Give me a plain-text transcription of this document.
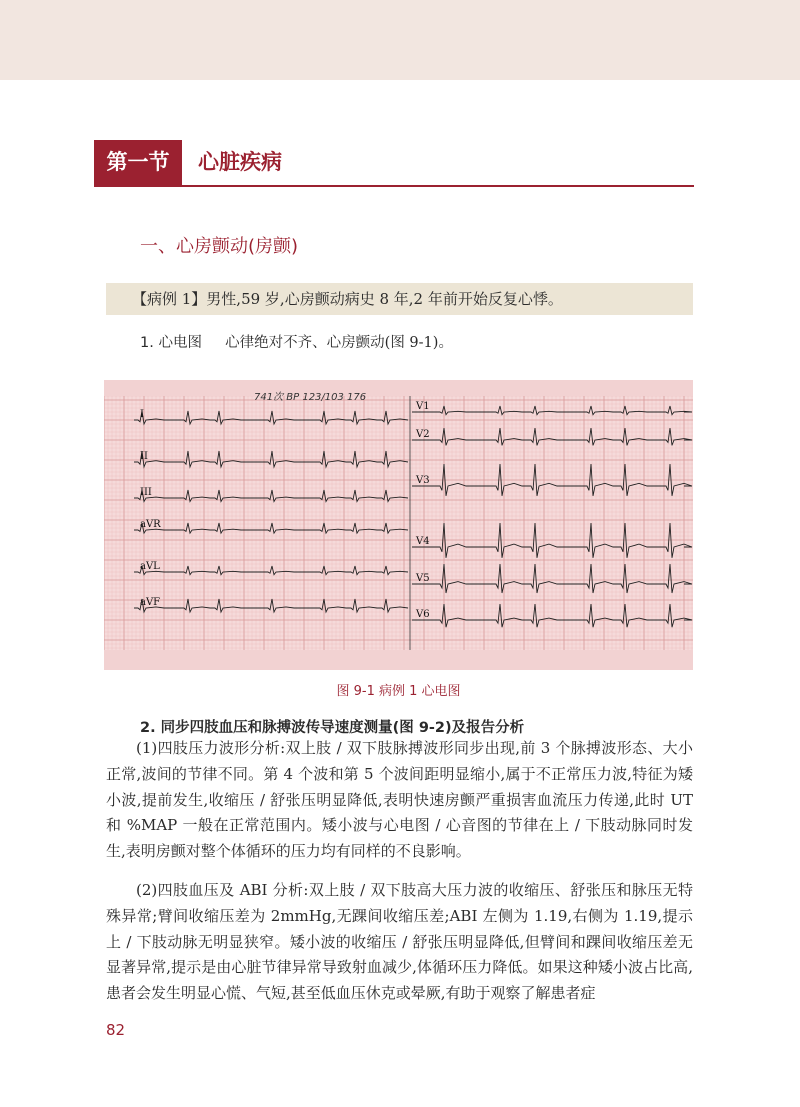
第一节	心脏疾病
一、心房颤动(房颤)
【病例 1】男性,59 岁,心房颤动病史 8 年,2 年前开始反复心悸。
1. 心电图 心律绝对不齐、心房颤动(图 9-1)。
741次 BP 123/103 176
I
II
III
aVR
aVL
aVF
V1
V2
V3
V4
V5
V6
图 9-1 病例 1 心电图
2. 同步四肢血压和脉搏波传导速度测量(图 9-2)及报告分析

(1)四肢压力波形分析:双上肢 / 双下肢脉搏波形同步出现,前 3 个脉搏波形态、大小正常,波间的节律不同。第 4 个波和第 5 个波间距明显缩小,属于不正常压力波,特征为矮小波,提前发生,收缩压 / 舒张压明显降低,表明快速房颤严重损害血流压力传递,此时 UT 和 %MAP 一般在正常范围内。矮小波与心电图 / 心音图的节律在上 / 下肢动脉同时发生,表明房颤对整个体循环的压力均有同样的不良影响。

(2)四肢血压及 ABI 分析:双上肢 / 双下肢高大压力波的收缩压、舒张压和脉压无特殊异常;臂间收缩压差为 2mmHg,无踝间收缩压差;ABI 左侧为 1.19,右侧为 1.19,提示上 / 下肢动脉无明显狭窄。矮小波的收缩压 / 舒张压明显降低,但臂间和踝间收缩压差无显著异常,提示是由心脏节律异常导致射血减少,体循环压力降低。如果这种矮小波占比高,患者会发生明显心慌、气短,甚至低血压休克或晕厥,有助于观察了解患者症

82
